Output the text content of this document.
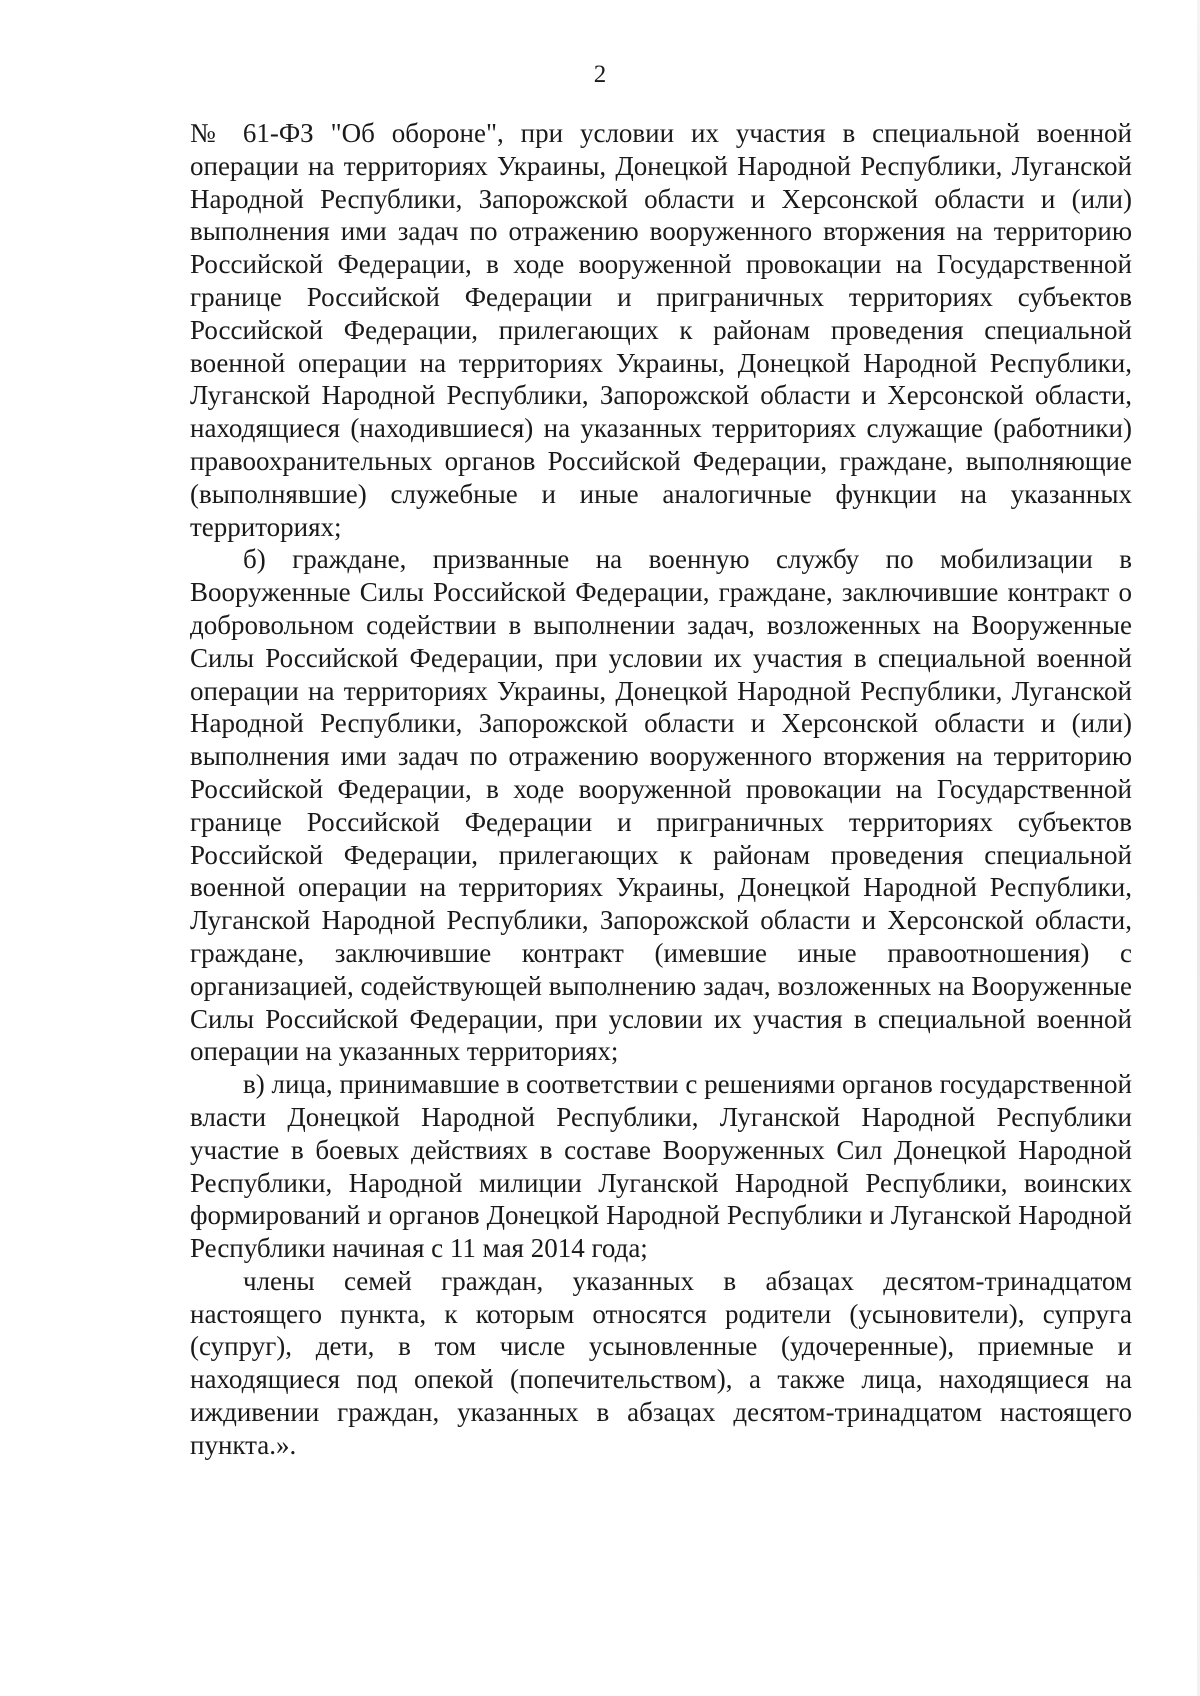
2

№ 61-ФЗ "Об обороне", при условии их участия в специальной военной операции на территориях Украины, Донецкой Народной Республики, Луганской Народной Республики, Запорожской области и Херсонской области и (или) выполнения ими задач по отражению вооруженного вторжения на территорию Российской Федерации, в ходе вооруженной провокации на Государственной границе Российской Федерации и приграничных территориях субъектов Российской Федерации, прилегающих к районам проведения специальной военной операции на территориях Украины, Донецкой Народной Республики, Луганской Народной Республики, Запорожской области и Херсонской области, находящиеся (находившиеся) на указанных территориях служащие (работники) правоохранительных органов Российской Федерации, граждане, выполняющие (выполнявшие) служебные и иные аналогичные функции на указанных территориях;

б) граждане, призванные на военную службу по мобилизации в Вооруженные Силы Российской Федерации, граждане, заключившие контракт о добровольном содействии в выполнении задач, возложенных на Вооруженные Силы Российской Федерации, при условии их участия в специальной военной операции на территориях Украины, Донецкой Народной Республики, Луганской Народной Республики, Запорожской области и Херсонской области и (или) выполнения ими задач по отражению вооруженного вторжения на территорию Российской Федерации, в ходе вооруженной провокации на Государственной границе Российской Федерации и приграничных территориях субъектов Российской Федерации, прилегающих к районам проведения специальной военной операции на территориях Украины, Донецкой Народной Республики, Луганской Народной Республики, Запорожской области и Херсонской области, граждане, заключившие контракт (имевшие иные правоотношения) с организацией, содействующей выполнению задач, возложенных на Вооруженные Силы Российской Федерации, при условии их участия в специальной военной операции на указанных территориях;

в) лица, принимавшие в соответствии с решениями органов государственной власти Донецкой Народной Республики, Луганской Народной Республики участие в боевых действиях в составе Вооруженных Сил Донецкой Народной Республики, Народной милиции Луганской Народной Республики, воинских формирований и органов Донецкой Народной Республики и Луганской Народной Республики начиная с 11 мая 2014 года;

члены семей граждан, указанных в абзацах десятом-тринадцатом настоящего пункта, к которым относятся родители (усыновители), супруга (супруг), дети, в том числе усыновленные (удочеренные), приемные и находящиеся под опекой (попечительством), а также лица, находящиеся на иждивении граждан, указанных в абзацах десятом-тринадцатом настоящего пункта.».
